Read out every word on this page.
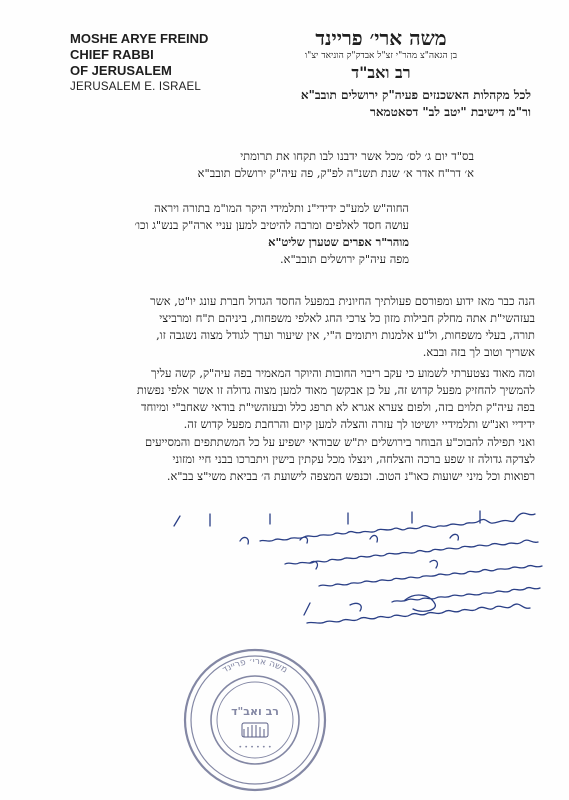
MOSHE ARYE FREIND
CHIEF RABBI
OF JERUSALEM
JERUSALEM E. ISRAEL
משה ארי׳ פריינד
בן הגאה"צ מהר"י זצ"ל אבדק"ק הוניאד יצ"ו
רב ואב"ד
לכל מקהלות האשכנזים פעיה"ק ירושלים תובב"א
ור"מ דישיבת "יטב לב" דסאטמאר
בס"ד יום ג׳ לס׳ מכל אשר ידבנו לבו תקחו את תרומתי
א׳ דר"ח אדר א׳ שנת תשנ"ה לפ"ק, פה עיה"ק ירושלם תובב"א
החוה"ש למע"כ ידידי"נ ותלמידי היקר המו"מ בתורה ויראה
עושה חסד לאלפים ומרבה להיטיב למען עניי ארה"ק בנש"ג וכו׳
מוהר"ר אפרים שטערן שליט"א
מפה עיה"ק ירושלים תובב"א.
הנה כבר מאז ידוע ומפורסם פעולתיך החיונית במפעל החסד הגדול חברת עונג יו"ט, אשר
בעזהשי"ת אתה מחלק חבילות מזון כל צרכי החג לאלפי משפחות, ביניהם ת"ח ומרביצי
תורה, בעלי משפחות, ול"ע אלמנות ויתומים ה"י, אין שיעור וערך לגודל מצוה נשגבה זו,
אשריך וטוב לך בזה ובבא.
ומה מאוד נצטערתי לשמוע כי עקב ריבוי החובות והיוקר המאמיר בפה עיה"ק, קשה עליך
להמשיך להחזיק מפעל קדוש זה, על כן אבקשך מאוד למען מצוה גדולה זו אשר אלפי נפשות
בפה עיה"ק תלוים בזה, ולפום צערא אגרא לא תרפג כלל ובעזהשי"ת בודאי שאחב"י ומיוחד
ידידיי ואנ"ש ותלמידיי יושיטו לך עזרה והצלה למען קיום והרחבת מפעל קדוש זה.
ואני תפילה להבוכ"ע הבוחר בירושלים ית"ש שבודאי ישפיע על כל המשתתפים והמסייעים
לצדקה גדולה זו שפע ברכה והצלחה, וינצלו מכל עקתין בישין ויתברכו בבני חיי ומזוני
רפואות וכל מיני ישועות כאו"נ הטוב. וכנפש המצפה לישועת ה׳ בביאת משי"צ בב"א.
משה ארי׳ פריינד
רב ואב"ד
• • • • • •
